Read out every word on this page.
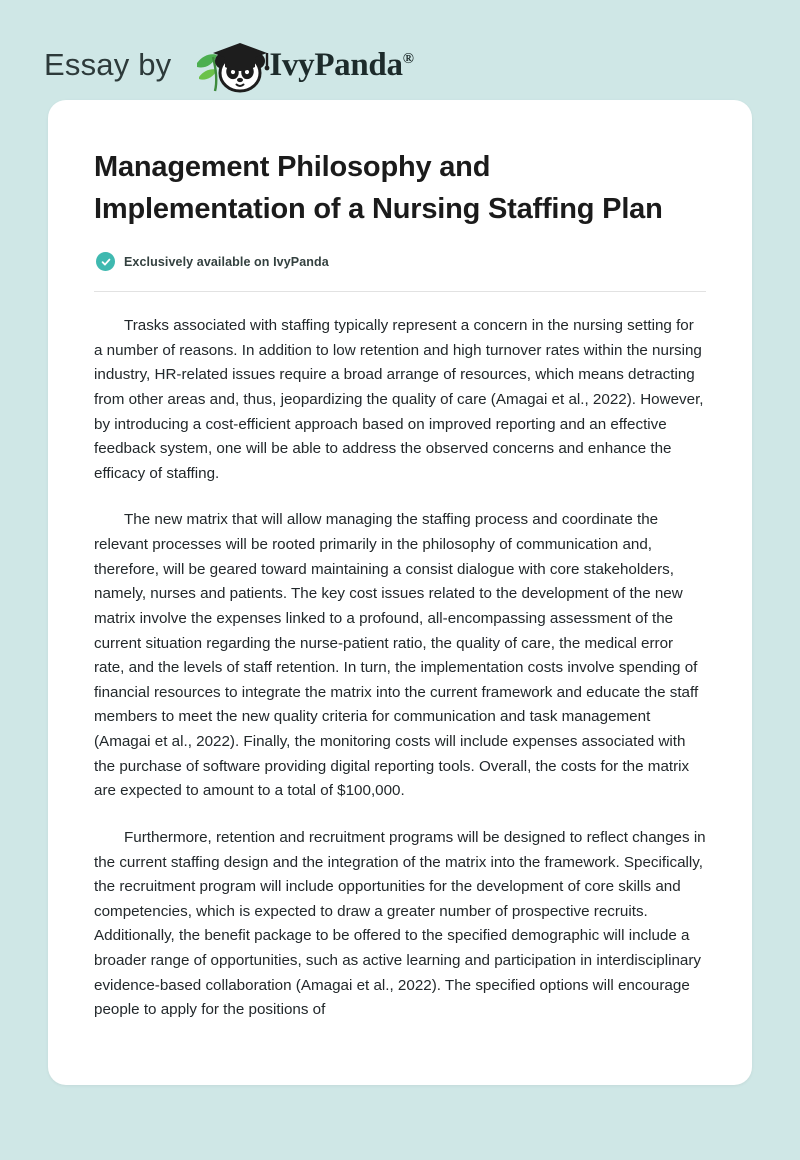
Essay by	IvyPanda®
Management Philosophy and Implementation of a Nursing Staffing Plan
Exclusively available on IvyPanda

Trasks associated with staffing typically represent a concern in the nursing setting for a number of reasons. In addition to low retention and high turnover rates within the nursing industry, HR-related issues require a broad arrange of resources, which means detracting from other areas and, thus, jeopardizing the quality of care (Amagai et al., 2022). However, by introducing a cost-efficient approach based on improved reporting and an effective feedback system, one will be able to address the observed concerns and enhance the efficacy of staffing.

The new matrix that will allow managing the staffing process and coordinate the relevant processes will be rooted primarily in the philosophy of communication and, therefore, will be geared toward maintaining a consist dialogue with core stakeholders, namely, nurses and patients. The key cost issues related to the development of the new matrix involve the expenses linked to a profound, all-encompassing assessment of the current situation regarding the nurse-patient ratio, the quality of care, the medical error rate, and the levels of staff retention. In turn, the implementation costs involve spending of financial resources to integrate the matrix into the current framework and educate the staff members to meet the new quality criteria for communication and task management (Amagai et al., 2022). Finally, the monitoring costs will include expenses associated with the purchase of software providing digital reporting tools. Overall, the costs for the matrix are expected to amount to a total of $100,000.

Furthermore, retention and recruitment programs will be designed to reflect changes in the current staffing design and the integration of the matrix into the framework. Specifically, the recruitment program will include opportunities for the development of core skills and competencies, which is expected to draw a greater number of prospective recruits. Additionally, the benefit package to be offered to the specified demographic will include a broader range of opportunities, such as active learning and participation in interdisciplinary evidence-based collaboration (Amagai et al., 2022). The specified options will encourage people to apply for the positions of
